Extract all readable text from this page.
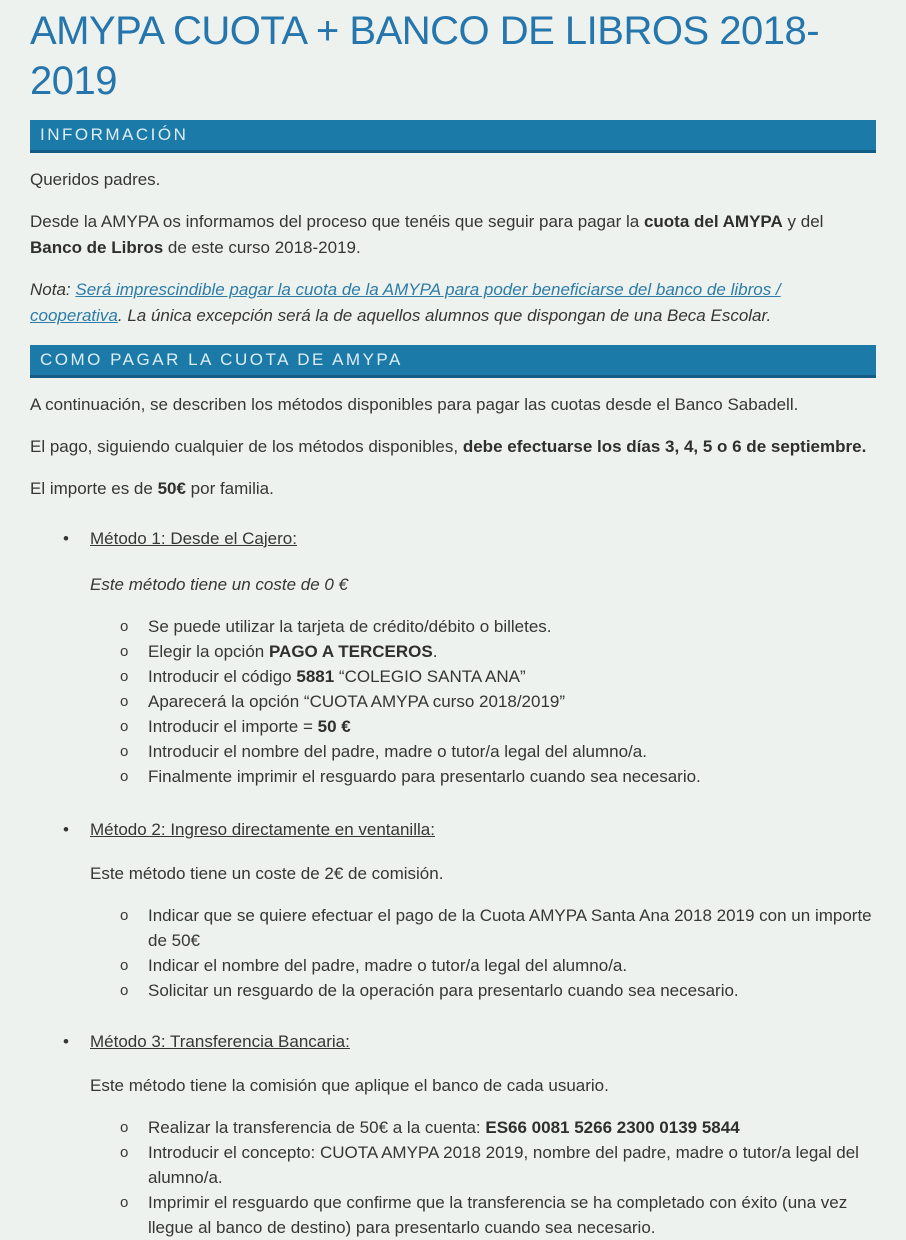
AMYPA CUOTA + BANCO DE LIBROS 2018-2019
INFORMACIÓN

Queridos padres.

Desde la AMYPA os informamos del proceso que tenéis que seguir para pagar la cuota del AMYPA y del Banco de Libros de este curso 2018-2019.

Nota: Será imprescindible pagar la cuota de la AMYPA para poder beneficiarse del banco de libros / cooperativa. La única excepción será la de aquellos alumnos que dispongan de una Beca Escolar.

COMO PAGAR LA CUOTA DE AMYPA

A continuación, se describen los métodos disponibles para pagar las cuotas desde el Banco Sabadell.

El pago, siguiendo cualquier de los métodos disponibles, debe efectuarse los días 3, 4, 5 o 6 de septiembre.

El importe es de 50€ por familia.

•	Método 1: Desde el Cajero:
Este método tiene un coste de 0 €
o	Se puede utilizar la tarjeta de crédito/débito o billetes.
o	Elegir la opción PAGO A TERCEROS.
o	Introducir el código 5881 “COLEGIO SANTA ANA”
o	Aparecerá la opción “CUOTA AMYPA curso 2018/2019”
o	Introducir el importe = 50 €
o	Introducir el nombre del padre, madre o tutor/a legal del alumno/a.
o	Finalmente imprimir el resguardo para presentarlo cuando sea necesario.
•	Método 2: Ingreso directamente en ventanilla:
Este método tiene un coste de 2€ de comisión.
o	Indicar que se quiere efectuar el pago de la Cuota AMYPA Santa Ana 2018 2019 con un importe de 50€
o	Indicar el nombre del padre, madre o tutor/a legal del alumno/a.
o	Solicitar un resguardo de la operación para presentarlo cuando sea necesario.
•	Método 3: Transferencia Bancaria:
Este método tiene la comisión que aplique el banco de cada usuario.
o	Realizar la transferencia de 50€ a la cuenta: ES66 0081 5266 2300 0139 5844
o	Introducir el concepto: CUOTA AMYPA 2018 2019, nombre del padre, madre o tutor/a legal del alumno/a.
o	Imprimir el resguardo que confirme que la transferencia se ha completado con éxito (una vez llegue al banco de destino) para presentarlo cuando sea necesario.
